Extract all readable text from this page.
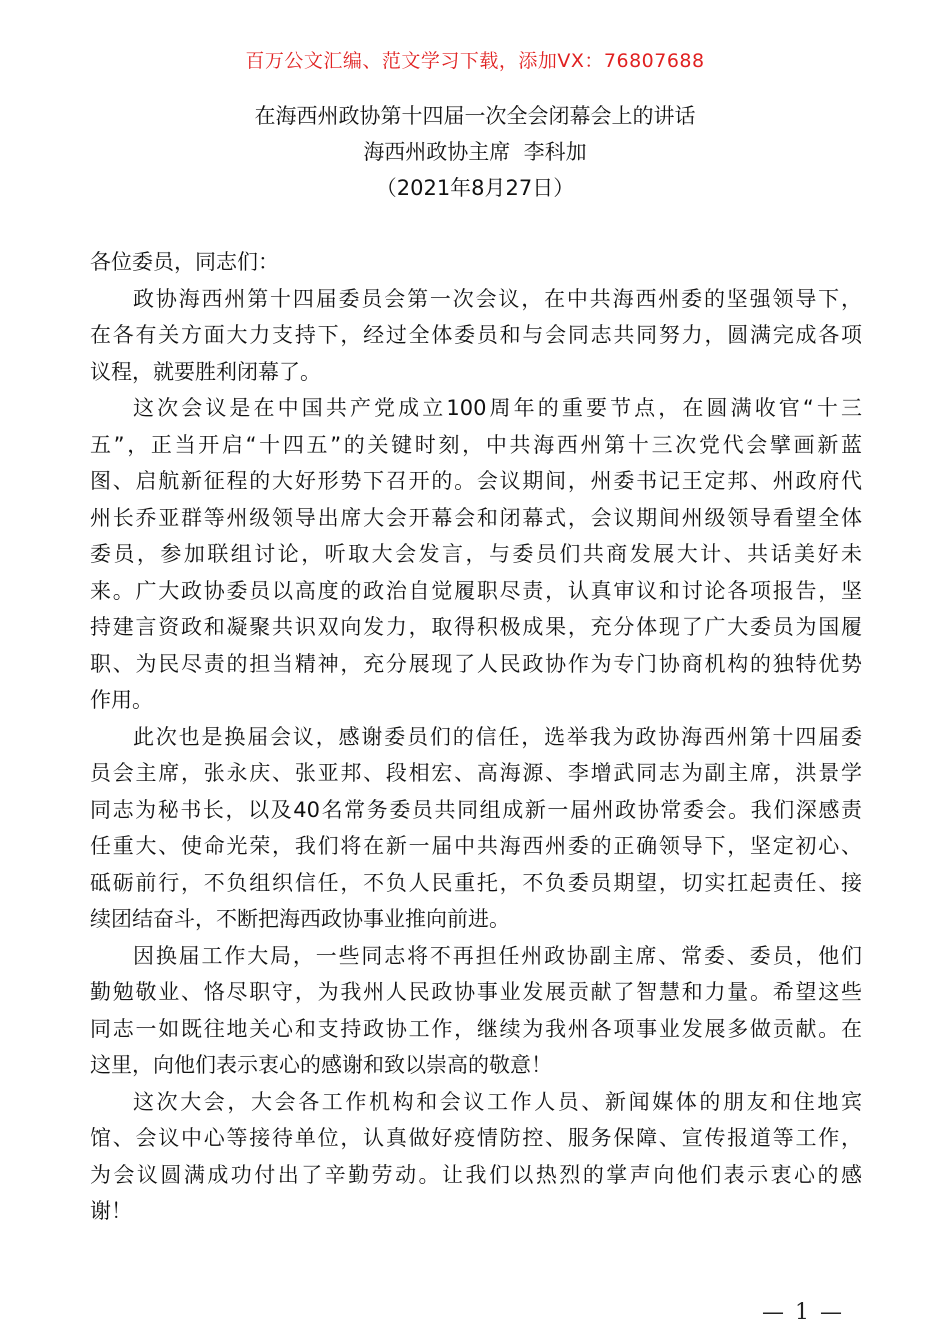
百万公文汇编、范文学习下载，添加VX：76807688
在海西州政协第十四届一次全会闭幕会上的讲话
海西州政协主席  李科加
（2021年8月27日）
各位委员，同志们：
政协海西州第十四届委员会第一次会议，在中共海西州委的坚强领导下，
在各有关方面大力支持下，经过全体委员和与会同志共同努力，圆满完成各项
议程，就要胜利闭幕了。
这次会议是在中国共产党成立100周年的重要节点，在圆满收官“十三
五”，正当开启“十四五”的关键时刻，中共海西州第十三次党代会擘画新蓝
图、启航新征程的大好形势下召开的。会议期间，州委书记王定邦、州政府代
州长乔亚群等州级领导出席大会开幕会和闭幕式，会议期间州级领导看望全体
委员，参加联组讨论，听取大会发言，与委员们共商发展大计、共话美好未
来。广大政协委员以高度的政治自觉履职尽责，认真审议和讨论各项报告，坚
持建言资政和凝聚共识双向发力，取得积极成果，充分体现了广大委员为国履
职、为民尽责的担当精神，充分展现了人民政协作为专门协商机构的独特优势
作用。
此次也是换届会议，感谢委员们的信任，选举我为政协海西州第十四届委
员会主席，张永庆、张亚邦、段相宏、高海源、李增武同志为副主席，洪景学
同志为秘书长，以及40名常务委员共同组成新一届州政协常委会。我们深感责
任重大、使命光荣，我们将在新一届中共海西州委的正确领导下，坚定初心、
砥砺前行，不负组织信任，不负人民重托，不负委员期望，切实扛起责任、接
续团结奋斗，不断把海西政协事业推向前进。
因换届工作大局，一些同志将不再担任州政协副主席、常委、委员，他们
勤勉敬业、恪尽职守，为我州人民政协事业发展贡献了智慧和力量。希望这些
同志一如既往地关心和支持政协工作，继续为我州各项事业发展多做贡献。在
这里，向他们表示衷心的感谢和致以崇高的敬意！
这次大会，大会各工作机构和会议工作人员、新闻媒体的朋友和住地宾
馆、会议中心等接待单位，认真做好疫情防控、服务保障、宣传报道等工作，
为会议圆满成功付出了辛勤劳动。让我们以热烈的掌声向他们表示衷心的感
谢！
— 1 —
